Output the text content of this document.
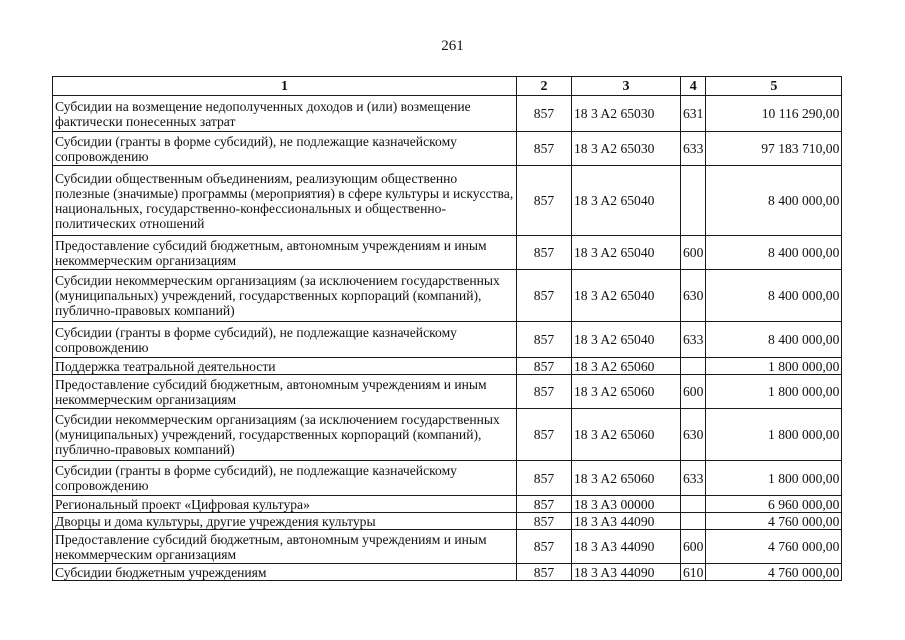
261
1	2	3	4	5
Субсидии на возмещение недополученных доходов и (или) возмещение фактически понесенных затрат	857	18 3 A2 65030	631	10 116 290,00
Субсидии (гранты в форме субсидий), не подлежащие казначейскому сопровождению	857	18 3 A2 65030	633	97 183 710,00
Субсидии общественным объединениям, реализующим общественно полезные (значимые) программы (мероприятия) в сфере культуры и искусства, национальных, государственно-конфессиональных и общественно-политических отношений	857	18 3 A2 65040		8 400 000,00
Предоставление субсидий бюджетным, автономным учреждениям и иным некоммерческим организациям	857	18 3 A2 65040	600	8 400 000,00
Субсидии некоммерческим организациям (за исключением государственных (муниципальных) учреждений, государственных корпораций (компаний), публично-правовых компаний)	857	18 3 A2 65040	630	8 400 000,00
Субсидии (гранты в форме субсидий), не подлежащие казначейскому сопровождению	857	18 3 A2 65040	633	8 400 000,00
Поддержка театральной деятельности	857	18 3 A2 65060		1 800 000,00
Предоставление субсидий бюджетным, автономным учреждениям и иным некоммерческим организациям	857	18 3 A2 65060	600	1 800 000,00
Субсидии некоммерческим организациям (за исключением государственных (муниципальных) учреждений, государственных корпораций (компаний), публично-правовых компаний)	857	18 3 A2 65060	630	1 800 000,00
Субсидии (гранты в форме субсидий), не подлежащие казначейскому сопровождению	857	18 3 A2 65060	633	1 800 000,00
Региональный проект «Цифровая культура»	857	18 3 A3 00000		6 960 000,00
Дворцы и дома культуры, другие учреждения культуры	857	18 3 A3 44090		4 760 000,00
Предоставление субсидий бюджетным, автономным учреждениям и иным некоммерческим организациям	857	18 3 A3 44090	600	4 760 000,00
Субсидии бюджетным учреждениям	857	18 3 A3 44090	610	4 760 000,00
